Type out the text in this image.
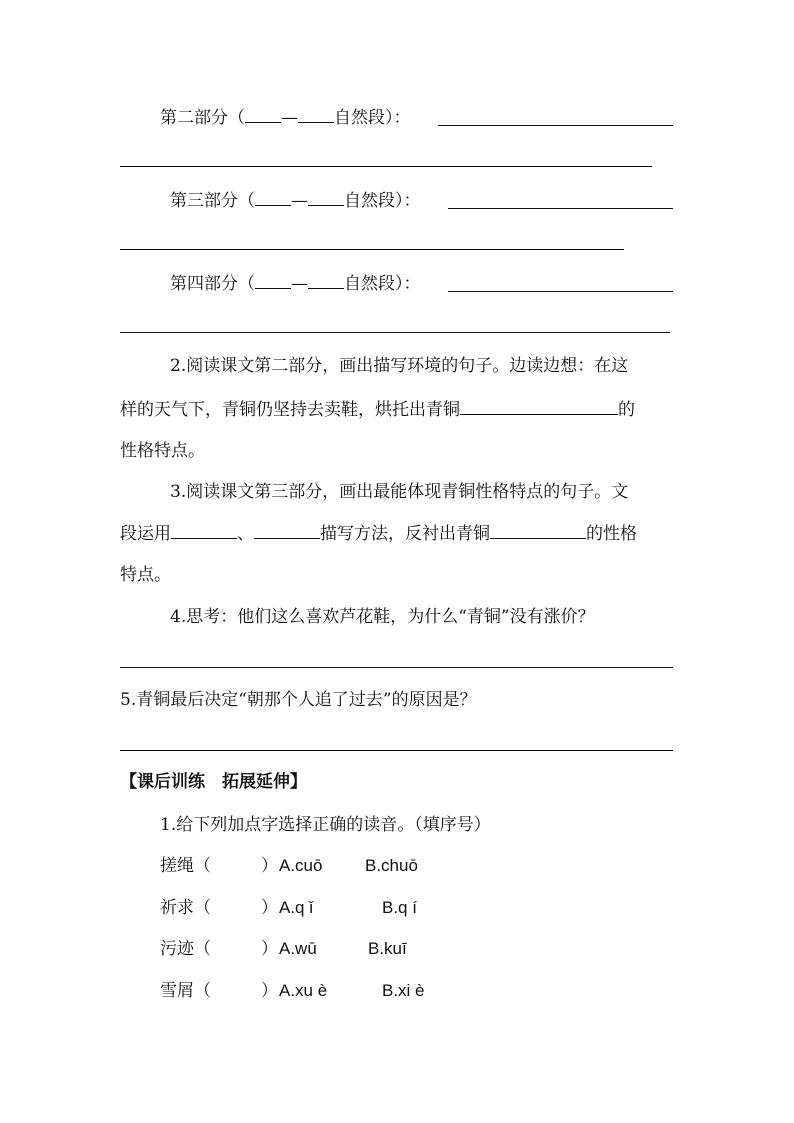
第二部分（ — 自然段）：
第三部分（ — 自然段）：
第四部分（ — 自然段）：
2.阅读课文第二部分，画出描写环境的句子。边读边想：在这
样的天气下，青铜仍坚持去卖鞋，烘托出青铜	的
性格特点。
3.阅读课文第三部分，画出最能体现青铜性格特点的句子。文
段运用	、	描写方法，反衬出青铜	的性格
特点。
4.思考：他们这么喜欢芦花鞋，为什么“青铜”没有涨价？
5.青铜最后决定“朝那个人追了过去”的原因是？
【课后训练　拓展延伸】
1.给下列加点字选择正确的读音。（填序号）
搓绳（	） A.cuō	B.chuō
祈求（	） A.q ǐ	B.q í
污迹（	） A.wū	B.kuī
雪屑（	） A.xu è	B.xi è
